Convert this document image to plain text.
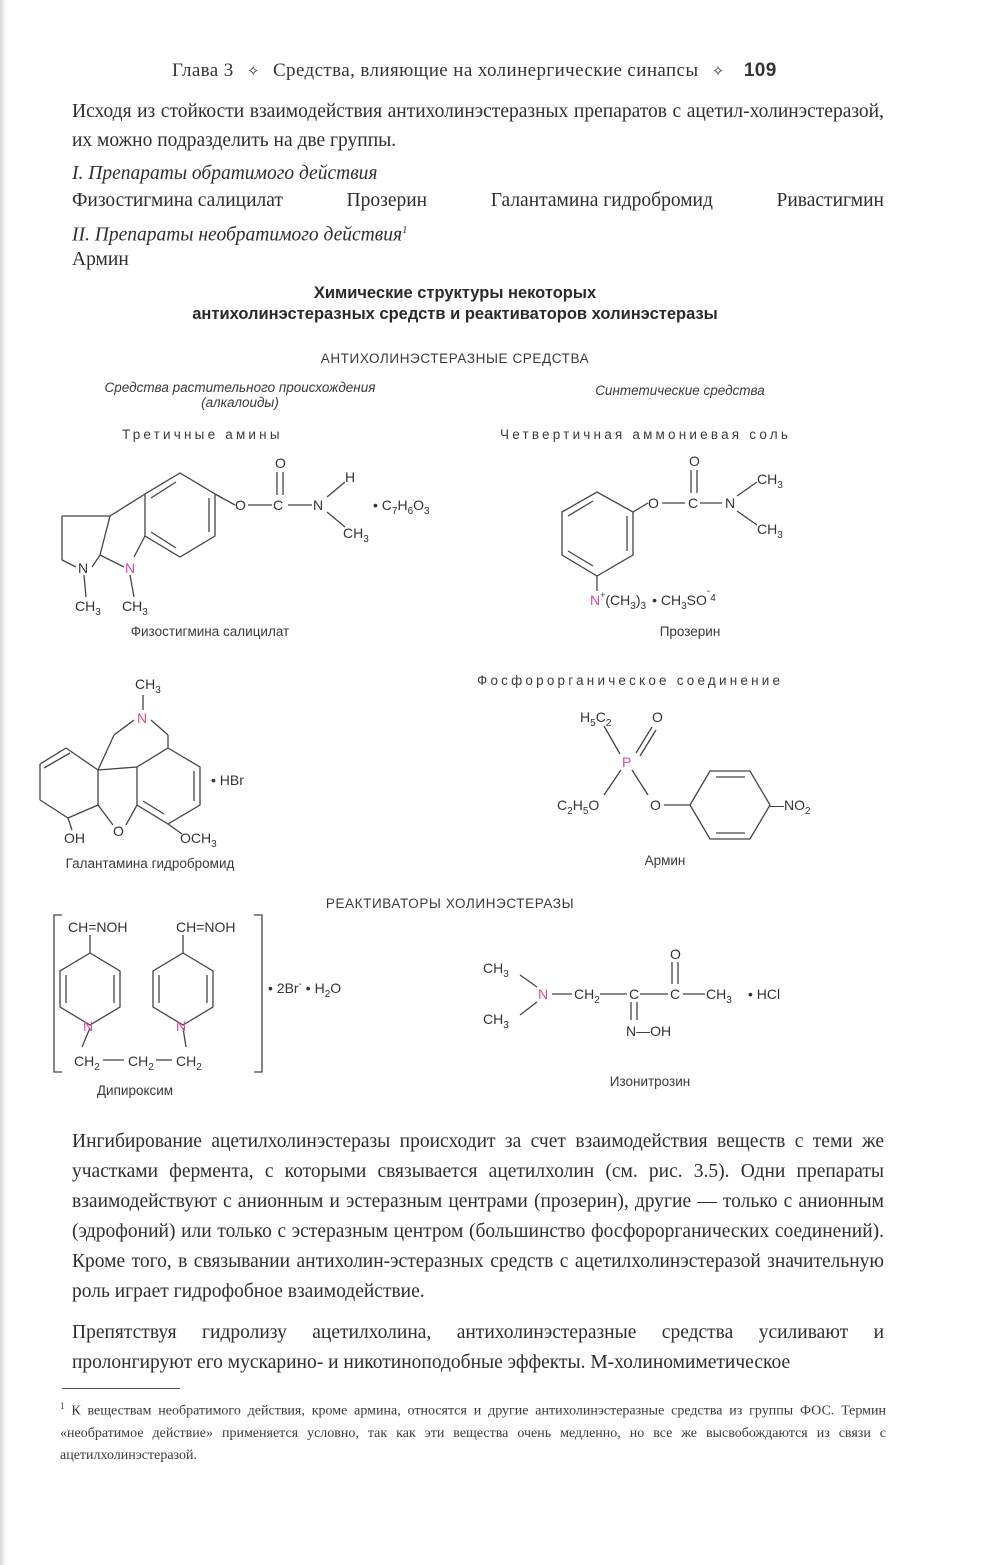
Глава 3 ✧ Средства, влияющие на холинергические синапсы ✧ 109
Исходя из стойкости взаимодействия антихолинэстеразных препаратов с ацетил-холинэстеразой, их можно подразделить на две группы.
I. Препараты обратимого действия
Физостигмина салицилат	Прозерин	Галантамина гидробромид	Ривастигмин
II. Препараты необратимого действия$^1$
Армин
Химические структуры некоторых
антихолинэстеразных средств и реактиваторов холинэстеразы
АНТИХОЛИНЭСТЕРАЗНЫЕ СРЕДСТВА
Средства растительного происхождения
(алкалоиды)
Синтетические средства
Третичные амины	Четвертичная аммониевая соль
Фосфорорганическое соединение
РЕАКТИВАТОРЫ ХОЛИНЭСТЕРАЗЫ
O C
O
N
H
$CH_3$
• $C_7H_6O_3$
N	N
$CH_3$ $CH_3$
O C
O
N
$CH_3$
$CH_3$
$N^+(CH_3)_3$ • $CH_3SO^-_4$
$CH_3$
N
• HBr
O
OH	$OCH_3$
$H_5C_2$	O
P
$C_2H_5O$	O	$—NO_2$
CH=NOH	CH=NOH
N	N
$CH_2$ $CH_2$ $CH_2$
• 2Br- • $H_2O$
$CH_3$
$CH_3$
N $CH_2$ C C
O
$CH_3$ • HCl
N—OH
Физостигмина салицилат	Прозерин
Галантамина гидробромид	Армин
Дипироксим
Изонитрозин
Ингибирование ацетилхолинэстеразы происходит за счет взаимодействия веществ с теми же участками фермента, с которыми связывается ацетилхолин (см. рис. 3.5). Одни препараты взаимодействуют с анионным и эстеразным центрами (прозерин), другие — только с анионным (эдрофоний) или только с эстеразным центром (большинство фосфорорганических соединений). Кроме того, в связывании антихолин-эстеразных средств с ацетилхолинэстеразой значительную роль играет гидрофобное взаимодействие.
Препятствуя гидролизу ацетилхолина, антихолинэстеразные средства усиливают и пролонгируют его мускарино- и никотиноподобные эффекты. М-холиномиметическое
$^1$ К веществам необратимого действия, кроме армина, относятся и другие антихолинэстеразные средства из группы ФОС. Термин «необратимое действие» применяется условно, так как эти вещества очень медленно, но все же высвобождаются из связи с ацетилхолинэстеразой.
